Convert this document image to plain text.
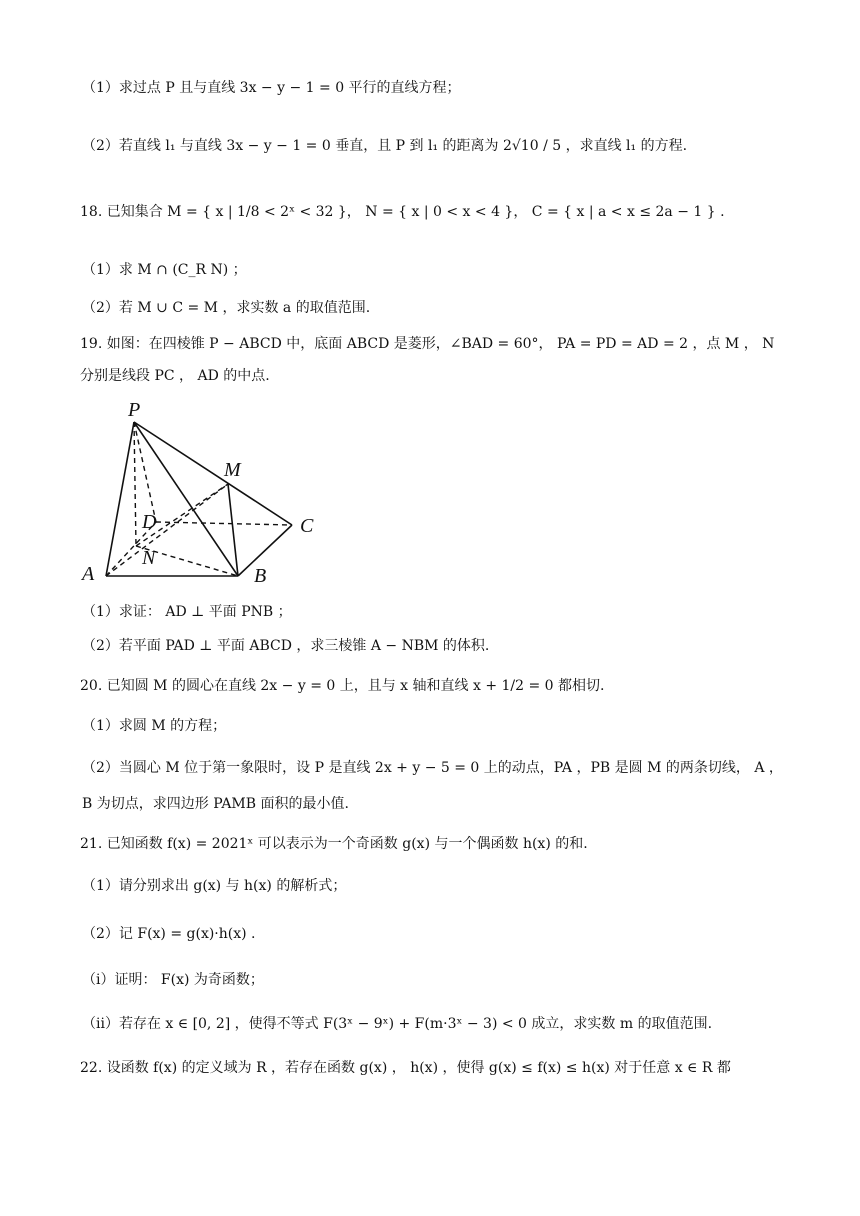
（1）求过点 P 且与直线 3x − y − 1 = 0 平行的直线方程；
（2）若直线 l₁ 与直线 3x − y − 1 = 0 垂直，且 P 到 l₁ 的距离为 2√10 / 5 ，求直线 l₁ 的方程.
18. 已知集合 M = { x | 1/8 < 2ˣ < 32 }， N = { x | 0 < x < 4 }， C = { x | a < x ≤ 2a − 1 } .
（1）求 M ∩ (C_R N) ；
（2）若 M ∪ C = M ，求实数 a 的取值范围.
19. 如图：在四棱锥 P − ABCD 中，底面 ABCD 是菱形，∠BAD = 60°， PA = PD = AD = 2 ，点 M ， N
分别是线段 PC ， AD 的中点.
P
M
D	C
N
A	B
（1）求证： AD ⊥ 平面 PNB ；
（2）若平面 PAD ⊥ 平面 ABCD ，求三棱锥 A − NBM 的体积.
20. 已知圆 M 的圆心在直线 2x − y = 0 上，且与 x 轴和直线 x + 1/2 = 0 都相切.
（1）求圆 M 的方程；
（2）当圆心 M 位于第一象限时，设 P 是直线 2x + y − 5 = 0 上的动点，PA ，PB 是圆 M 的两条切线， A ，
B 为切点，求四边形 PAMB 面积的最小值.
21. 已知函数 f(x) = 2021ˣ 可以表示为一个奇函数 g(x) 与一个偶函数 h(x) 的和.
（1）请分别求出 g(x) 与 h(x) 的解析式；
（2）记 F(x) = g(x)·h(x) .
（i）证明： F(x) 为奇函数；
（ii）若存在 x ∈ [0, 2] ，使得不等式 F(3ˣ − 9ˣ) + F(m·3ˣ − 3) < 0 成立，求实数 m 的取值范围.
22. 设函数 f(x) 的定义域为 R ，若存在函数 g(x) ， h(x) ，使得 g(x) ≤ f(x) ≤ h(x) 对于任意 x ∈ R 都
